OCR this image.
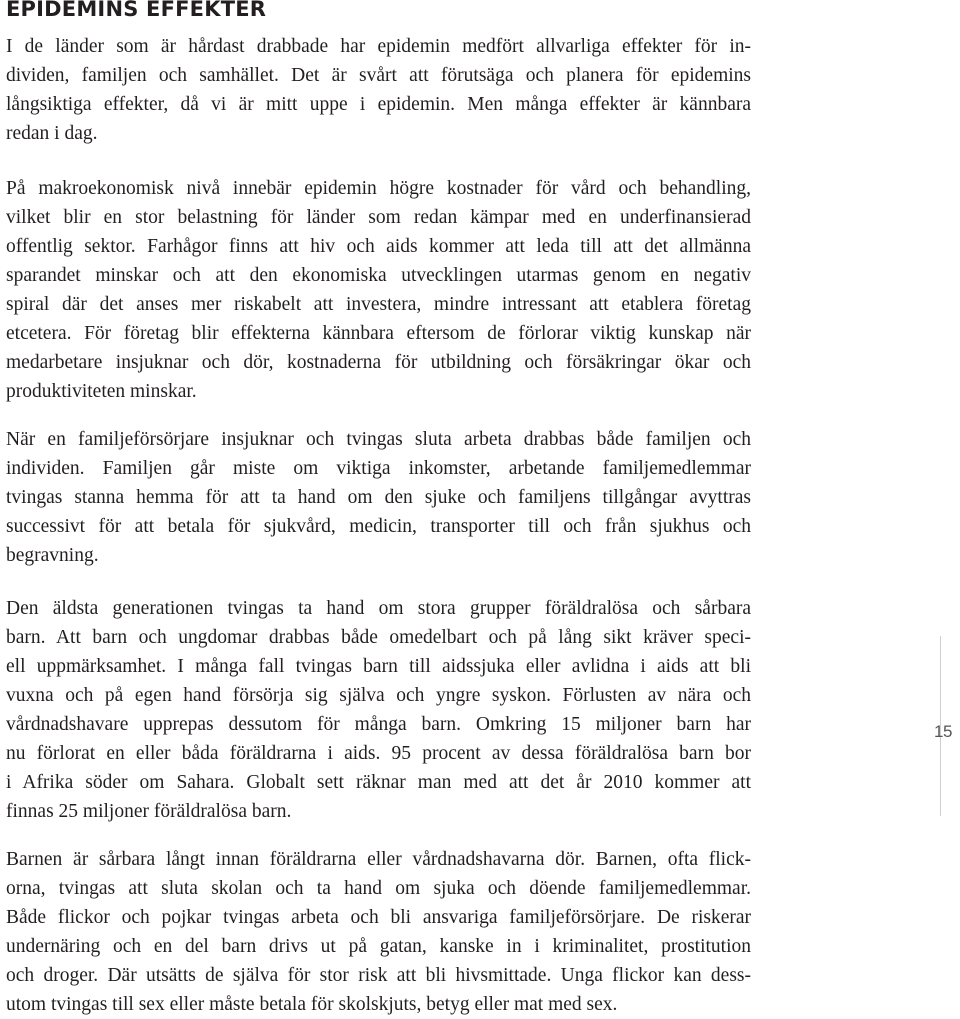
EPIDEMINS EFFEKTER

I de länder som är hårdast drabbade har epidemin medfört allvarliga effekter för in-
dividen, familjen och samhället. Det är svårt att förutsäga och planera för epidemins
långsiktiga effekter, då vi är mitt uppe i epidemin. Men många effekter är kännbara
redan i dag.

På makroekonomisk nivå innebär epidemin högre kostnader för vård och behandling,
vilket blir en stor belastning för länder som redan kämpar med en underfinansierad
offentlig sektor. Farhågor finns att hiv och aids kommer att leda till att det allmänna
sparandet minskar och att den ekonomiska utvecklingen utarmas genom en negativ
spiral där det anses mer riskabelt att investera, mindre intressant att etablera företag
etcetera. För företag blir effekterna kännbara eftersom de förlorar viktig kunskap när
medarbetare insjuknar och dör, kostnaderna för utbildning och försäkringar ökar och
produktiviteten minskar.

När en familjeförsörjare insjuknar och tvingas sluta arbeta drabbas både familjen och
individen. Familjen går miste om viktiga inkomster, arbetande familjemedlemmar
tvingas stanna hemma för att ta hand om den sjuke och familjens tillgångar avyttras
successivt för att betala för sjukvård, medicin, transporter till och från sjukhus och
begravning.

Den äldsta generationen tvingas ta hand om stora grupper föräldralösa och sårbara
barn. Att barn och ungdomar drabbas både omedelbart och på lång sikt kräver speci-
ell uppmärksamhet. I många fall tvingas barn till aidssjuka eller avlidna i aids att bli
vuxna och på egen hand försörja sig själva och yngre syskon. Förlusten av nära och
vårdnadshavare upprepas dessutom för många barn. Omkring 15 miljoner barn har
nu förlorat en eller båda föräldrarna i aids. 95 procent av dessa föräldralösa barn bor
i Afrika söder om Sahara. Globalt sett räknar man med att det år 2010 kommer att
finnas 25 miljoner föräldralösa barn.

Barnen är sårbara långt innan föräldrarna eller vårdnadshavarna dör. Barnen, ofta flick-
orna, tvingas att sluta skolan och ta hand om sjuka och döende familjemedlemmar.
Både flickor och pojkar tvingas arbeta och bli ansvariga familjeförsörjare. De riskerar
undernäring och en del barn drivs ut på gatan, kanske in i kriminalitet, prostitution
och droger. Där utsätts de själva för stor risk att bli hivsmittade. Unga flickor kan dess-
utom tvingas till sex eller måste betala för skolskjuts, betyg eller mat med sex.

15
